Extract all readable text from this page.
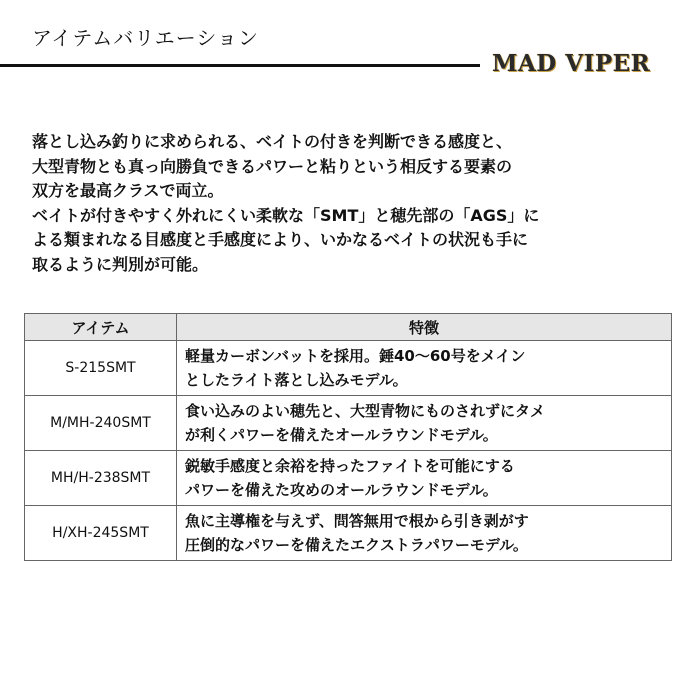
アイテムバリエーション
MAD VIPER
落とし込み釣りに求められる、ベイトの付きを判断できる感度と、
大型青物とも真っ向勝負できるパワーと粘りという相反する要素の
双方を最高クラスで両立。
ベイトが付きやすく外れにくい柔軟な「SMT」と穂先部の「AGS」に
よる類まれなる目感度と手感度により、いかなるベイトの状況も手に
取るように判別が可能。
アイテム	特徴
S-215SMT	軽量カーボンバットを採用。錘40～60号をメイン
としたライト落とし込みモデル。

M/MH-240SMT	食い込みのよい穂先と、大型青物にものされずにタメ
が利くパワーを備えたオールラウンドモデル。

MH/H-238SMT	鋭敏手感度と余裕を持ったファイトを可能にする
パワーを備えた攻めのオールラウンドモデル。

H/XH-245SMT	魚に主導権を与えず、問答無用で根から引き剥がす
圧倒的なパワーを備えたエクストラパワーモデル。
